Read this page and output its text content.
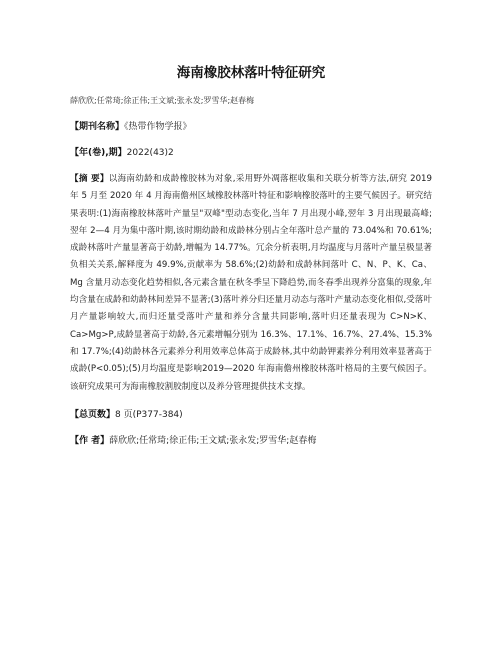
海南橡胶林落叶特征研究
薛欣欣;任常琦;徐正伟;王文斌;张永发;罗雪华;赵春梅
【期刊名称】《热带作物学报》
【年(卷),期】2022(43)2
【摘 要】以海南幼龄和成龄橡胶林为对象,采用野外凋落框收集和关联分析等方法,研究 2019 年 5 月至 2020 年 4 月海南儋州区域橡胶林落叶特征和影响橡胶落叶的主要气候因子。研究结果表明:(1)海南橡胶林落叶产量呈"双峰"型动态变化,当年 7 月出现小峰,翌年 3 月出现最高峰;翌年 2—4 月为集中落叶期,该时期幼龄和成龄林分别占全年落叶总产量的 73.04%和 70.61%;成龄林落叶产量显著高于幼龄,增幅为 14.77%。冗余分析表明,月均温度与月落叶产量呈极显著负相关关系,解释度为 49.9%,贡献率为 58.6%;(2)幼龄和成龄林间落叶 C、N、P、K、Ca、Mg 含量月动态变化趋势相似,各元素含量在秋冬季呈下降趋势,而冬春季出现养分富集的现象,年均含量在成龄和幼龄林间差异不显著;(3)落叶养分归还量月动态与落叶产量动态变化相似,受落叶月产量影响较大,而归还量受落叶产量和养分含量共同影响,落叶归还量表现为 C>N>K、Ca>Mg>P,成龄显著高于幼龄,各元素增幅分别为 16.3%、17.1%、16.7%、27.4%、15.3%和 17.7%;(4)幼龄林各元素养分利用效率总体高于成龄林,其中幼龄钾素养分利用效率显著高于成龄(P<0.05);(5)月均温度是影响2019—2020 年海南儋州橡胶林落叶格局的主要气候因子。该研究成果可为海南橡胶割胶制度以及养分管理提供技术支撑。
【总页数】8 页(P377-384)
【作 者】薛欣欣;任常琦;徐正伟;王文斌;张永发;罗雪华;赵春梅
